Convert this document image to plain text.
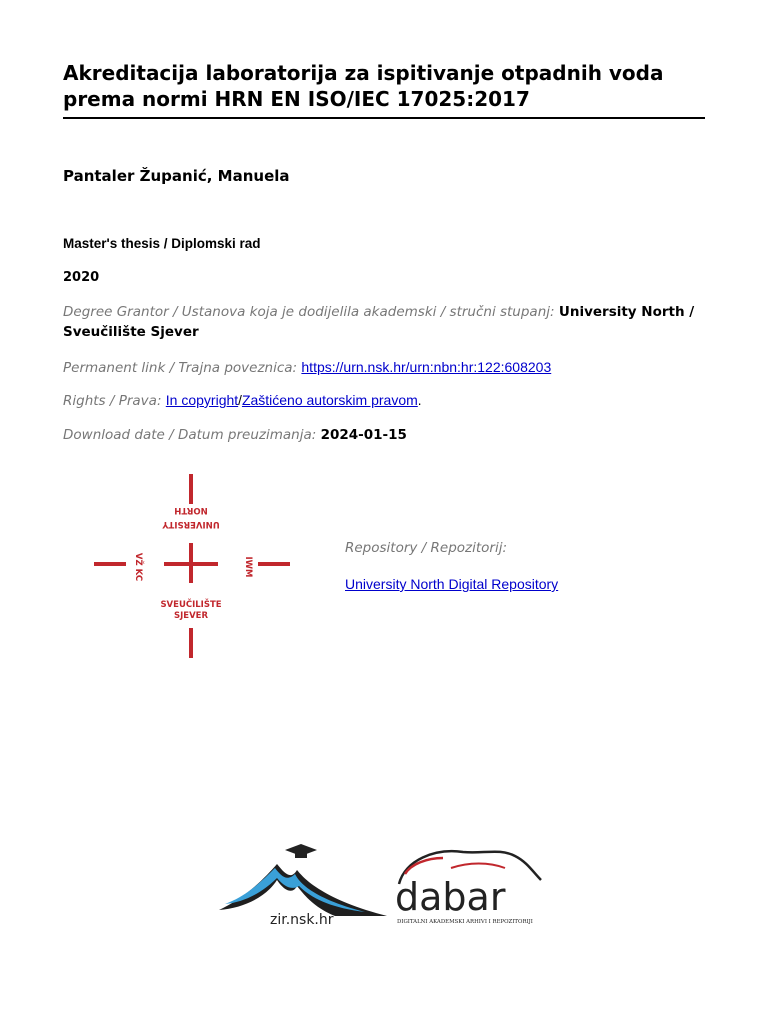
Akreditacija laboratorija za ispitivanje otpadnih voda prema normi HRN EN ISO/IEC 17025:2017
Pantaler Županić, Manuela
Master's thesis / Diplomski rad
2020
Degree Grantor / Ustanova koja je dodijelila akademski / stručni stupanj: University North / Sveučilište Sjever
Permanent link / Trajna poveznica: https://urn.nsk.hr/urn:nbn:hr:122:608203
Rights / Prava: In copyright/Zaštićeno autorskim pravom.
Download date / Datum preuzimanja: 2024-01-15
NORTH
UNIVERSITY
VŽ KC	IWM
SVEUČILIŠTE
SJEVER
Repository / Repozitorij:
University North Digital Repository
zir.nsk.hr
dabar
DIGITALNI AKADEMSKI ARHIVI I REPOZITORIJI
